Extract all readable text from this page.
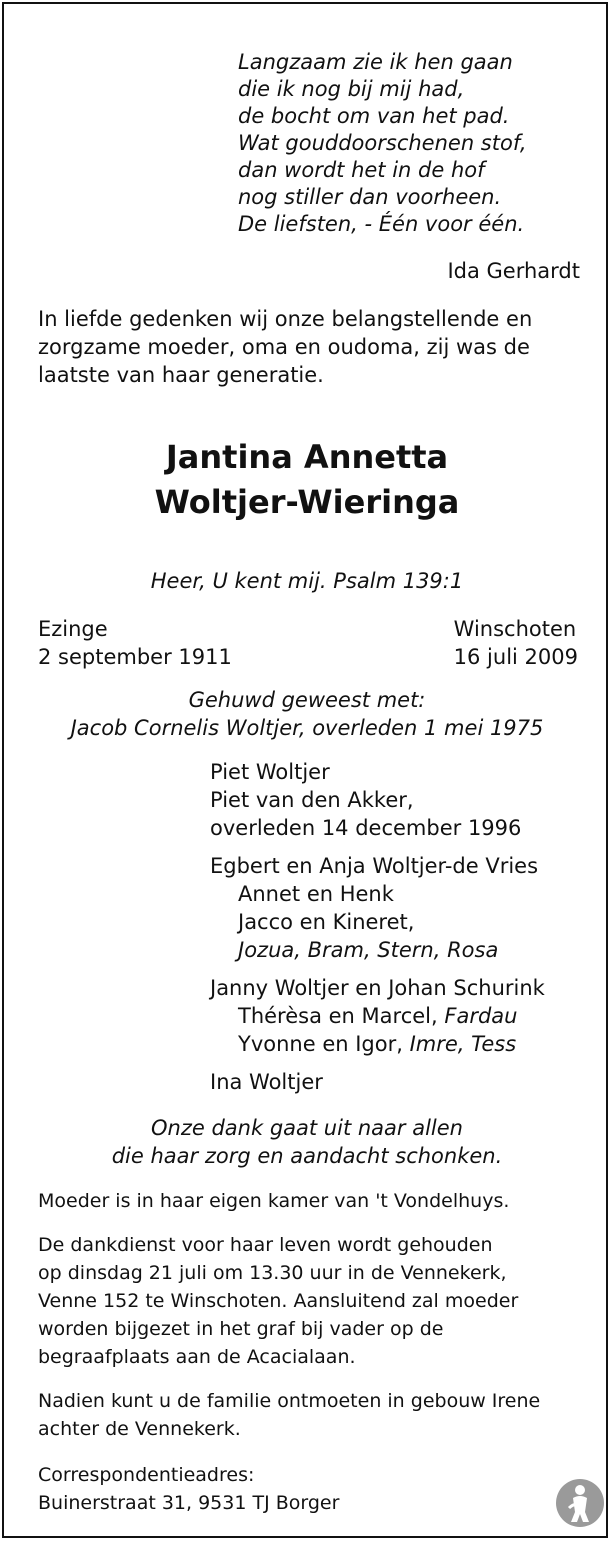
Langzaam zie ik hen gaan
die ik nog bij mij had,
de bocht om van het pad.
Wat gouddoorschenen stof,
dan wordt het in de hof
nog stiller dan voorheen.
De liefsten, - Één voor één.
Ida Gerhardt
In liefde gedenken wij onze belangstellende en zorgzame moeder, oma en oudoma, zij was de laatste van haar generatie.
Jantina Annetta
Woltjer-Wieringa
Heer, U kent mij. Psalm 139:1
Ezinge
2 september 1911
Winschoten
16 juli 2009
Gehuwd geweest met:
Jacob Cornelis Woltjer, overleden 1 mei 1975
Piet Woltjer
Piet van den Akker,
overleden 14 december 1996
Egbert en Anja Woltjer-de Vries
Annet en Henk
Jacco en Kineret,
Jozua, Bram, Stern, Rosa
Janny Woltjer en Johan Schurink
Thérèsa en Marcel, Fardau
Yvonne en Igor, Imre, Tess
Ina Woltjer
Onze dank gaat uit naar allen
die haar zorg en aandacht schonken.
Moeder is in haar eigen kamer van 't Vondelhuys.
De dankdienst voor haar leven wordt gehouden
op dinsdag 21 juli om 13.30 uur in de Vennekerk,
Venne 152 te Winschoten. Aansluitend zal moeder
worden bijgezet in het graf bij vader op de
begraafplaats aan de Acacialaan.
Nadien kunt u de familie ontmoeten in gebouw Irene
achter de Vennekerk.
Correspondentieadres:
Buinerstraat 31, 9531 TJ Borger
